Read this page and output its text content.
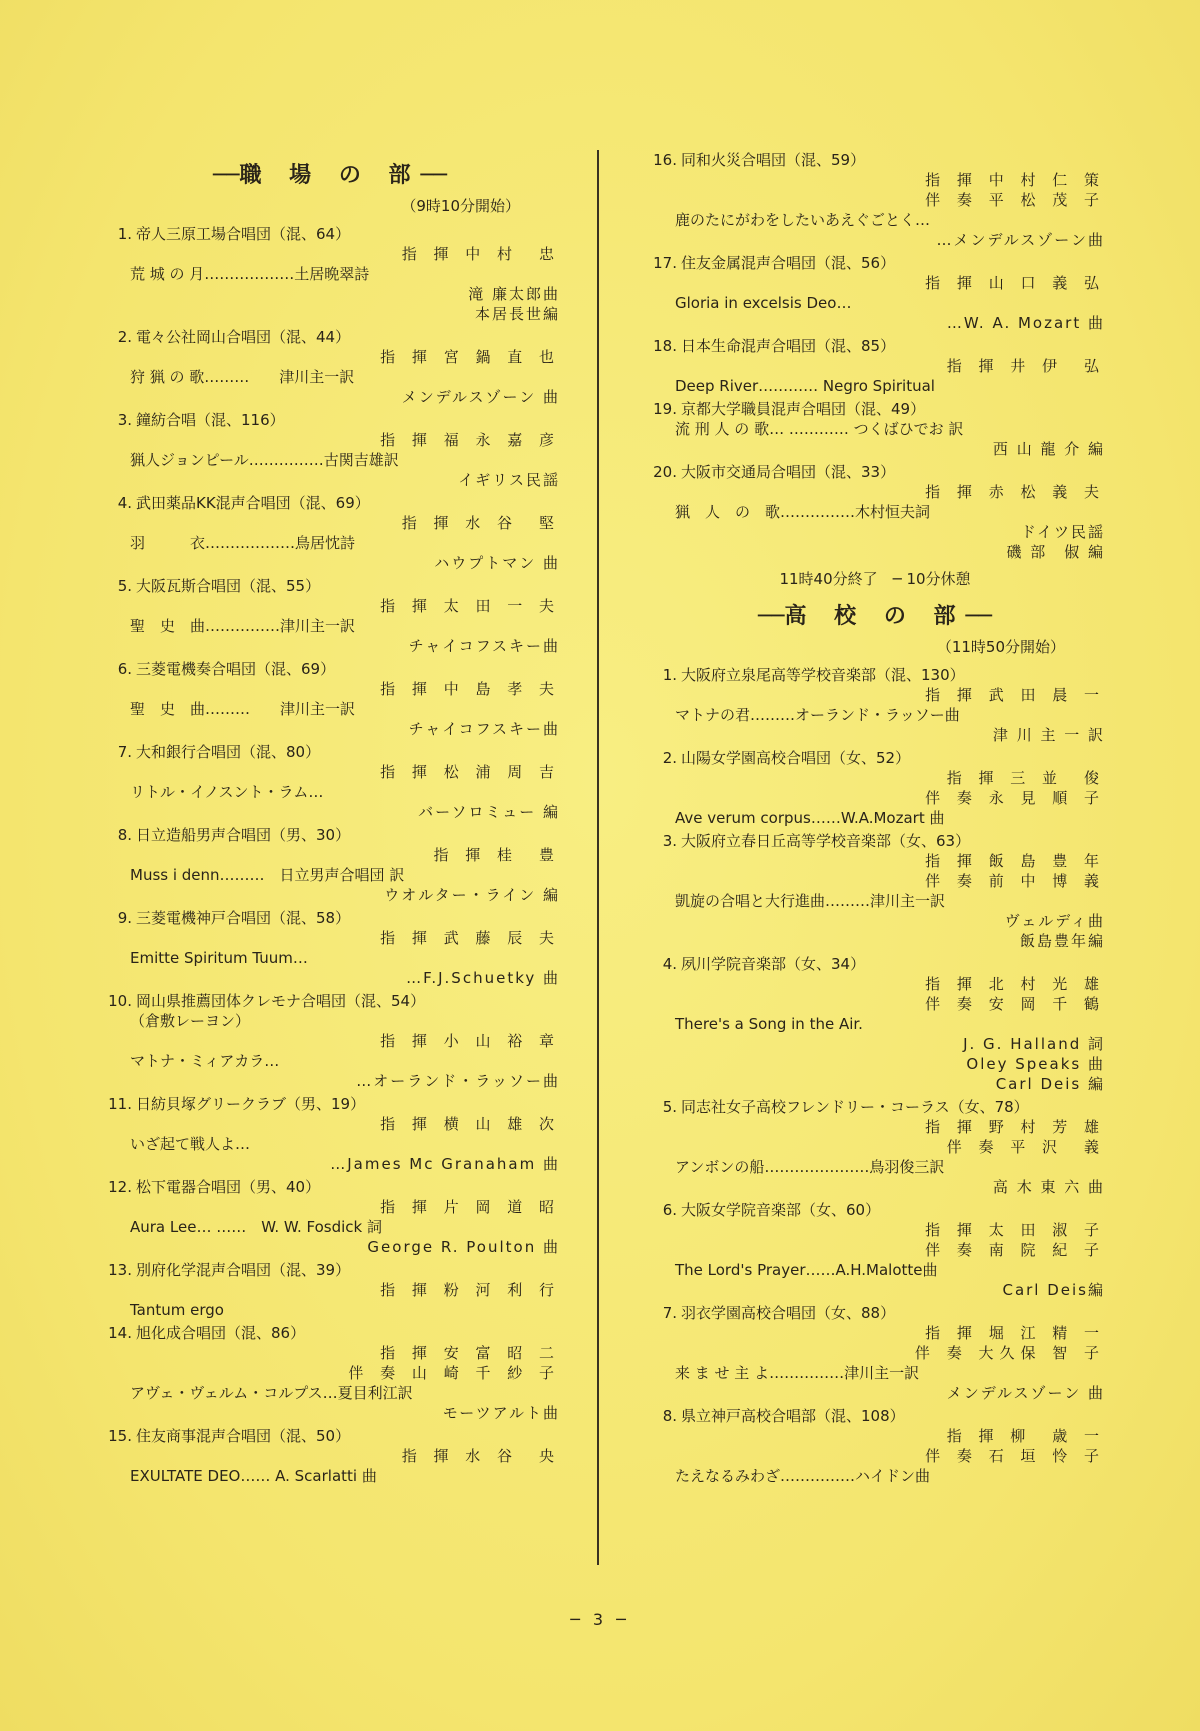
──職 場 の 部──
（9時10分開始）
1. 帝人三原工場合唱団（混、64）
指 揮 中 村　忠
荒 城 の 月………………土居晩翠詩
滝 廉太郎曲
本居長世編
2. 電々公社岡山合唱団（混、44）
指 揮 宮 鍋 直 也
狩 猟 の 歌………　　津川主一訳
メンデルスゾーン 曲
3. 鐘紡合唱（混、116）
指 揮 福 永 嘉 彦
猟人ジョンピール……………古関吉雄訳
イギリス民謡
4. 武田薬品KK混声合唱団（混、69）
指 揮 水 谷　堅
羽　　　衣………………鳥居忱詩
ハウプトマン 曲
5. 大阪瓦斯合唱団（混、55）
指 揮 太 田 一 夫
聖　史　曲……………津川主一訳
チャイコフスキー曲
6. 三菱電機奏合唱団（混、69）
指 揮 中 島 孝 夫
聖　史　曲………　　津川主一訳
チャイコフスキー曲
7. 大和銀行合唱団（混、80）
指 揮 松 浦 周 吉
リトル・イノスント・ラム…
バーソロミュー 編
8. 日立造船男声合唱団（男、30）
指 揮 桂　豊
Muss i denn………　日立男声合唱団 訳
ウオルター・ライン 編
9. 三菱電機神戸合唱団（混、58）
指 揮 武 藤 辰 夫
Emitte Spiritum Tuum…
…F.J.Schuetky 曲
10. 岡山県推薦団体クレモナ合唱団（混、54）
（倉敷レーヨン）
指 揮 小 山 裕 章
マトナ・ミィアカラ…
…オーランド・ラッソー曲
11. 日紡貝塚グリークラブ（男、19）
指 揮 横 山 雄 次
いざ起て戦人よ…
…James Mc Granaham 曲
12. 松下電器合唱団（男、40）
指 揮 片 岡 道 昭
Aura Lee… ……　W. W. Fosdick 詞
George R. Poulton 曲
13. 別府化学混声合唱団（混、39）
指 揮 粉 河 利 行
Tantum ergo
14. 旭化成合唱団（混、86）
指 揮 安 富 昭 二
伴 奏 山 崎 千 紗 子
アヴェ・ヴェルム・コルプス…夏目利江訳
モーツアルト曲
15. 住友商事混声合唱団（混、50）
指 揮 水 谷　央
EXULTATE DEO…… A. Scarlatti 曲
16. 同和火災合唱団（混、59）
指 揮 中 村 仁 策
伴 奏 平 松 茂 子
鹿のたにがわをしたいあえぐごとく…
…メンデルスゾーン曲
17. 住友金属混声合唱団（混、56）
指 揮 山 口 義 弘
Gloria in excelsis Deo…
…W. A. Mozart 曲
18. 日本生命混声合唱団（混、85）
指 揮 井 伊　弘
Deep River………… Negro Spiritual
19. 京都大学職員混声合唱団（混、49）
流 刑 人 の 歌… ………… つくばひでお 訳
西 山 龍 介 編
20. 大阪市交通局合唱団（混、33）
指 揮 赤 松 義 夫
猟　人　の　歌……………木村恒夫詞
ドイツ民謡
磯 部　俶 編
11時40分終了　─ 10分休憩
──高 校 の 部──
（11時50分開始）
1. 大阪府立泉尾高等学校音楽部（混、130）
指 揮 武 田 晨 一
マトナの君………オーランド・ラッソー曲
津 川 主 一 訳
2. 山陽女学園高校合唱団（女、52）
指 揮 三 並　俊
伴 奏 永 見 順 子
Ave verum corpus……W.A.Mozart 曲
3. 大阪府立春日丘高等学校音楽部（女、63）
指 揮 飯 島 豊 年
伴 奏 前 中 博 義
凱旋の合唱と大行進曲………津川主一訳
ヴェルディ曲
飯島豊年編
4. 夙川学院音楽部（女、34）
指 揮 北 村 光 雄
伴 奏 安 岡 千 鶴
There's a Song in the Air.
J. G. Halland 詞
Oley Speaks 曲
Carl Deis 編
5. 同志社女子高校フレンドリー・コーラス（女、78）
指 揮 野 村 芳 雄
伴 奏 平 沢　義
アンボンの船…………………鳥羽俊三訳
高 木 東 六 曲
6. 大阪女学院音楽部（女、60）
指 揮 太 田 淑 子
伴 奏 南 院 紀 子
The Lord's Prayer……A.H.Malotte曲
Carl Deis編
7. 羽衣学園高校合唱団（女、88）
指 揮 堀 江 精 一
伴 奏 大久保 智 子
来 ま せ 主 よ……………津川主一訳
メンデルスゾーン 曲
8. 県立神戸高校合唱部（混、108）
指 揮 柳　歳 一
伴 奏 石 垣 怜 子
たえなるみわざ……………ハイドン曲
─ 3 ─
